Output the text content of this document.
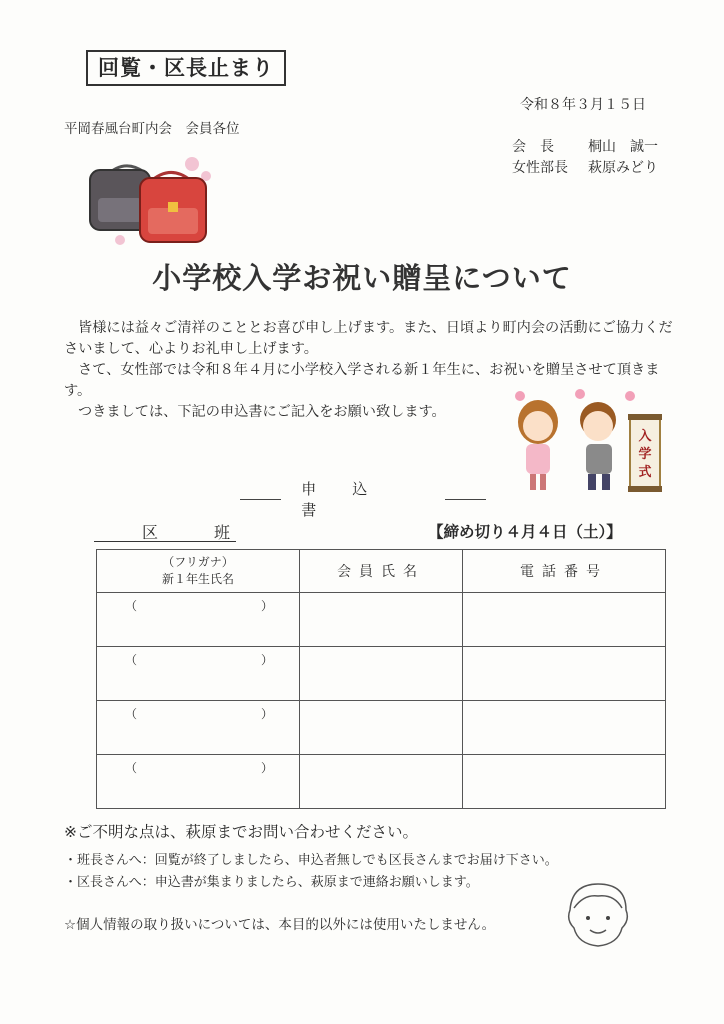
回覧・区長止まり
令和８年３月１５日
平岡春風台町内会　会員各位
会長	桐山　誠一
女性部長	萩原みどり
入
学
式
小学校入学お祝い贈呈について

皆様には益々ご清祥のこととお喜び申し上げます。また、日頃より町内会の活動にご協力くださいまして、心よりお礼申し上げます。

さて、女性部では令和８年４月に小学校入学される新１年生に、お祝いを贈呈させて頂きます。

つきましては、下記の申込書にご記入をお願い致します。

申込書
区	班
	【締め切り４月４日（土）】
（フリガナ）
新１年生氏名	会員氏名	電話番号

（ ）		

（ ）		

（ ）		

（ ）		

※ご不明な点は、萩原までお問い合わせください。
・班長さんへ：回覧が終了しましたら、申込者無しでも区長さんまでお届け下さい。
・区長さんへ：申込書が集まりましたら、萩原まで連絡お願いします。
☆個人情報の取り扱いについては、本目的以外には使用いたしません。
